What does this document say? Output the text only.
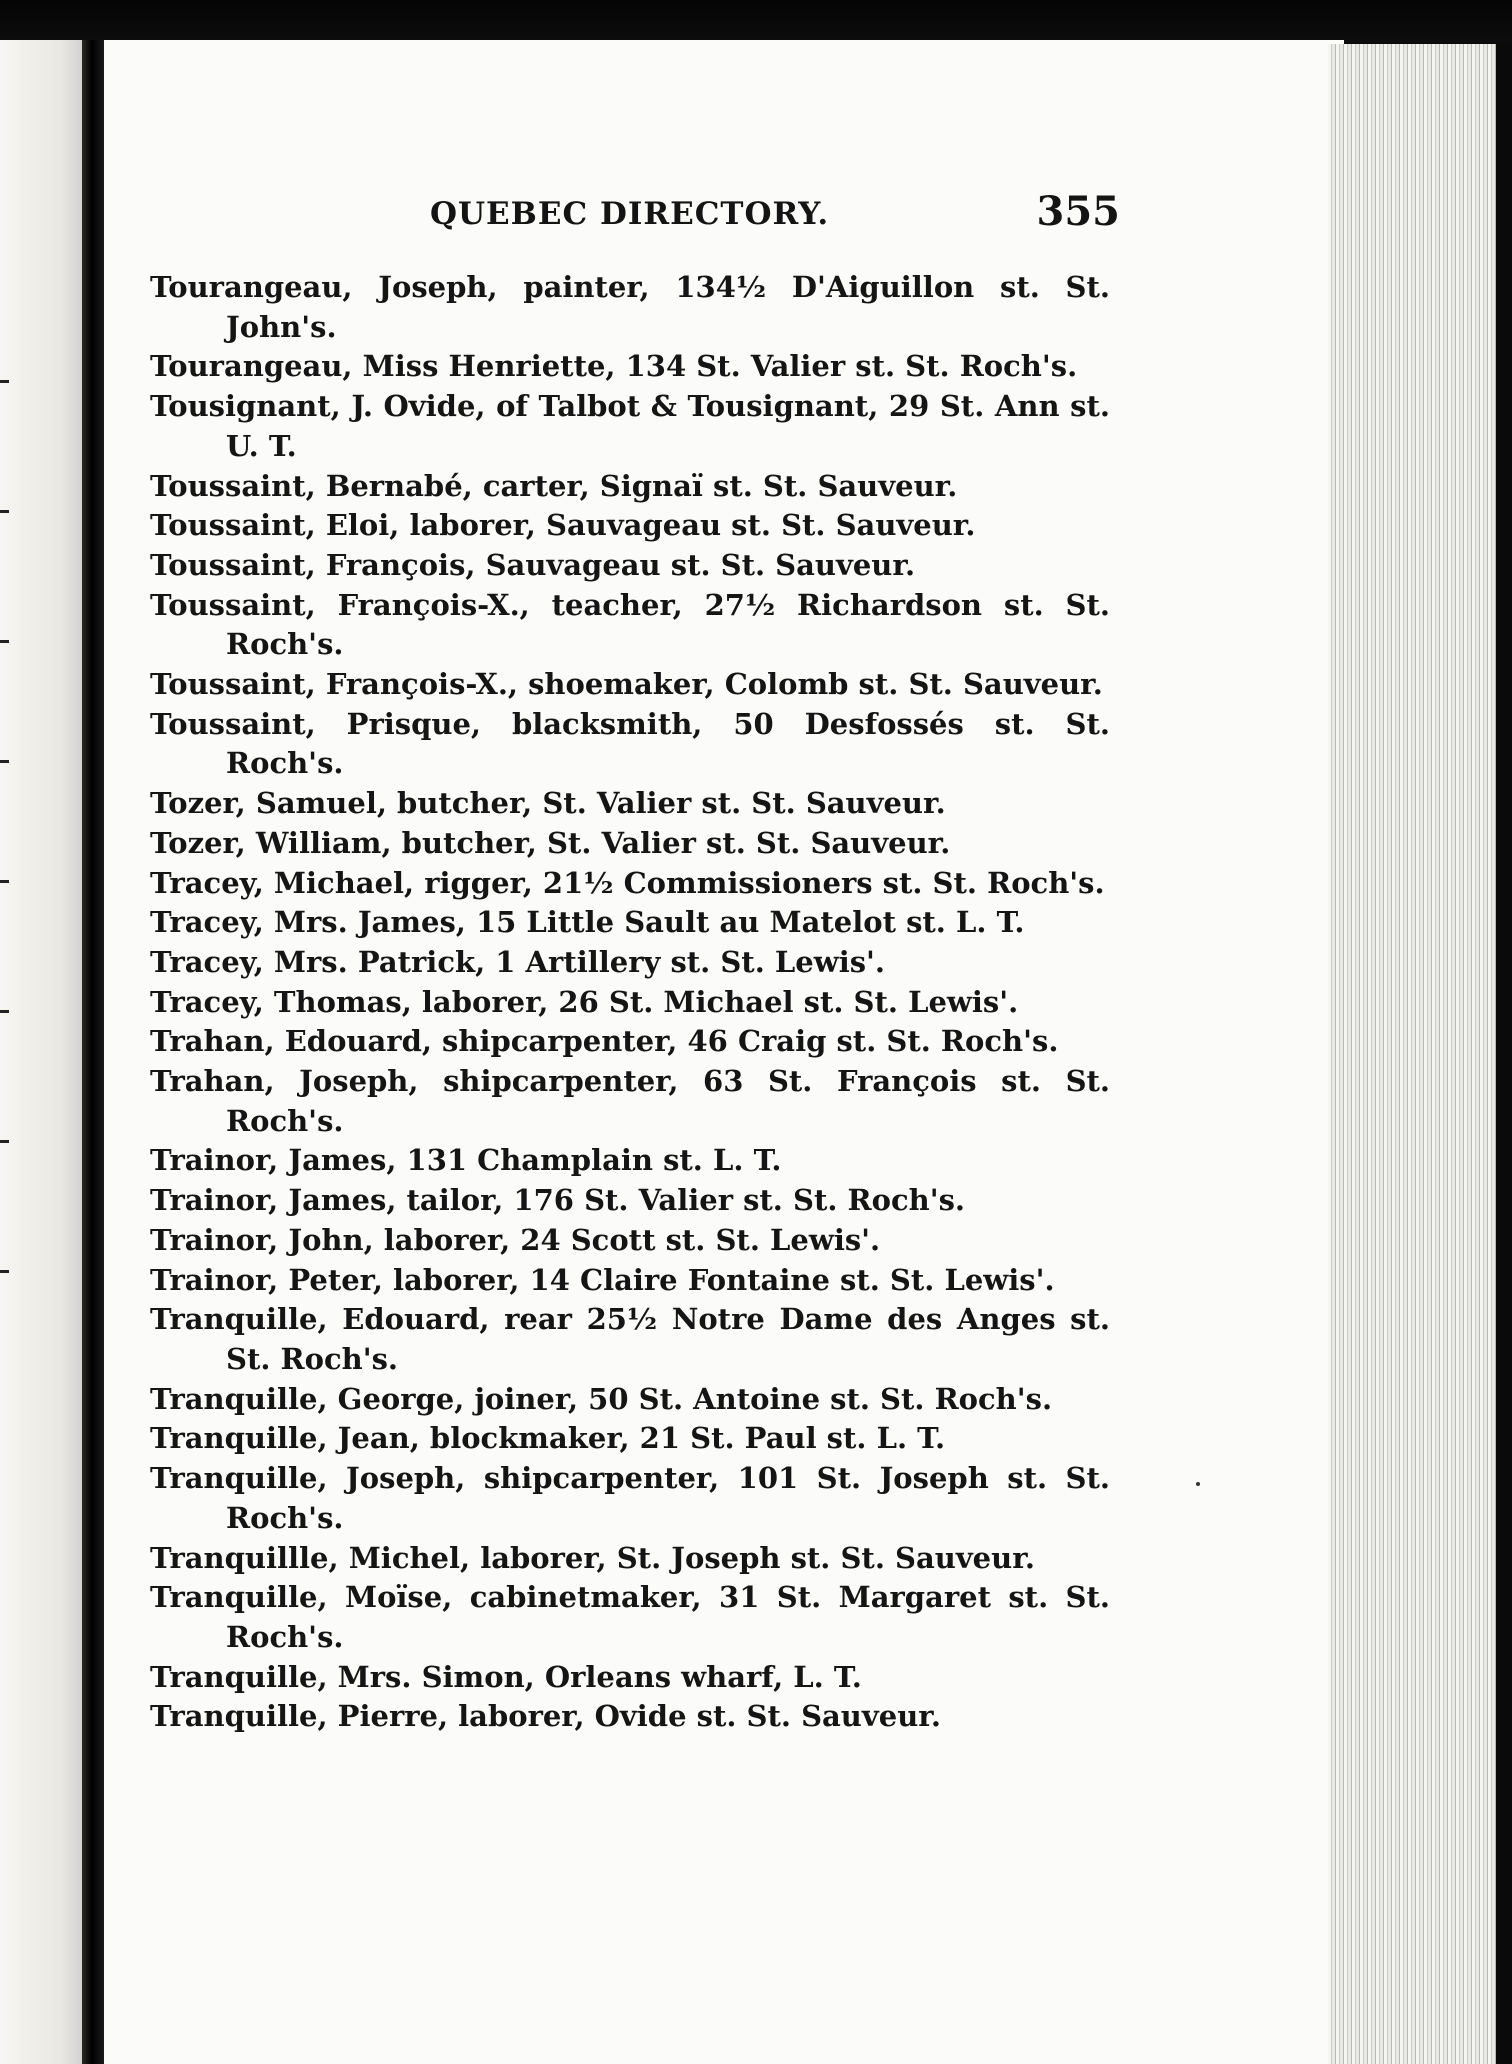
QUEBEC DIRECTORY.	355
Tourangeau, Joseph, painter, 134½ D'Aiguillon st. St. John's.
Tourangeau, Miss Henriette, 134 St. Valier st. St. Roch's.
Tousignant, J. Ovide, of Talbot & Tousignant, 29 St. Ann st. U. T.
Toussaint, Bernabé, carter, Signaï st. St. Sauveur.
Toussaint, Eloi, laborer, Sauvageau st. St. Sauveur.
Toussaint, François, Sauvageau st. St. Sauveur.
Toussaint, François-X., teacher, 27½ Richardson st. St. Roch's.
Toussaint, François-X., shoemaker, Colomb st. St. Sauveur.
Toussaint, Prisque, blacksmith, 50 Desfossés st. St. Roch's.
Tozer, Samuel, butcher, St. Valier st. St. Sauveur.
Tozer, William, butcher, St. Valier st. St. Sauveur.
Tracey, Michael, rigger, 21½ Commissioners st. St. Roch's.
Tracey, Mrs. James, 15 Little Sault au Matelot st. L. T.
Tracey, Mrs. Patrick, 1 Artillery st. St. Lewis'.
Tracey, Thomas, laborer, 26 St. Michael st. St. Lewis'.
Trahan, Edouard, shipcarpenter, 46 Craig st. St. Roch's.
Trahan, Joseph, shipcarpenter, 63 St. François st. St. Roch's.
Trainor, James, 131 Champlain st. L. T.
Trainor, James, tailor, 176 St. Valier st. St. Roch's.
Trainor, John, laborer, 24 Scott st. St. Lewis'.
Trainor, Peter, laborer, 14 Claire Fontaine st. St. Lewis'.
Tranquille, Edouard, rear 25½ Notre Dame des Anges st. St. Roch's.
Tranquille, George, joiner, 50 St. Antoine st. St. Roch's.
Tranquille, Jean, blockmaker, 21 St. Paul st. L. T.
Tranquille, Joseph, shipcarpenter, 101 St. Joseph st. St. Roch's.
Tranquillle, Michel, laborer, St. Joseph st. St. Sauveur.
Tranquille, Moïse, cabinetmaker, 31 St. Margaret st. St. Roch's.
Tranquille, Mrs. Simon, Orleans wharf, L. T.
Tranquille, Pierre, laborer, Ovide st. St. Sauveur.
